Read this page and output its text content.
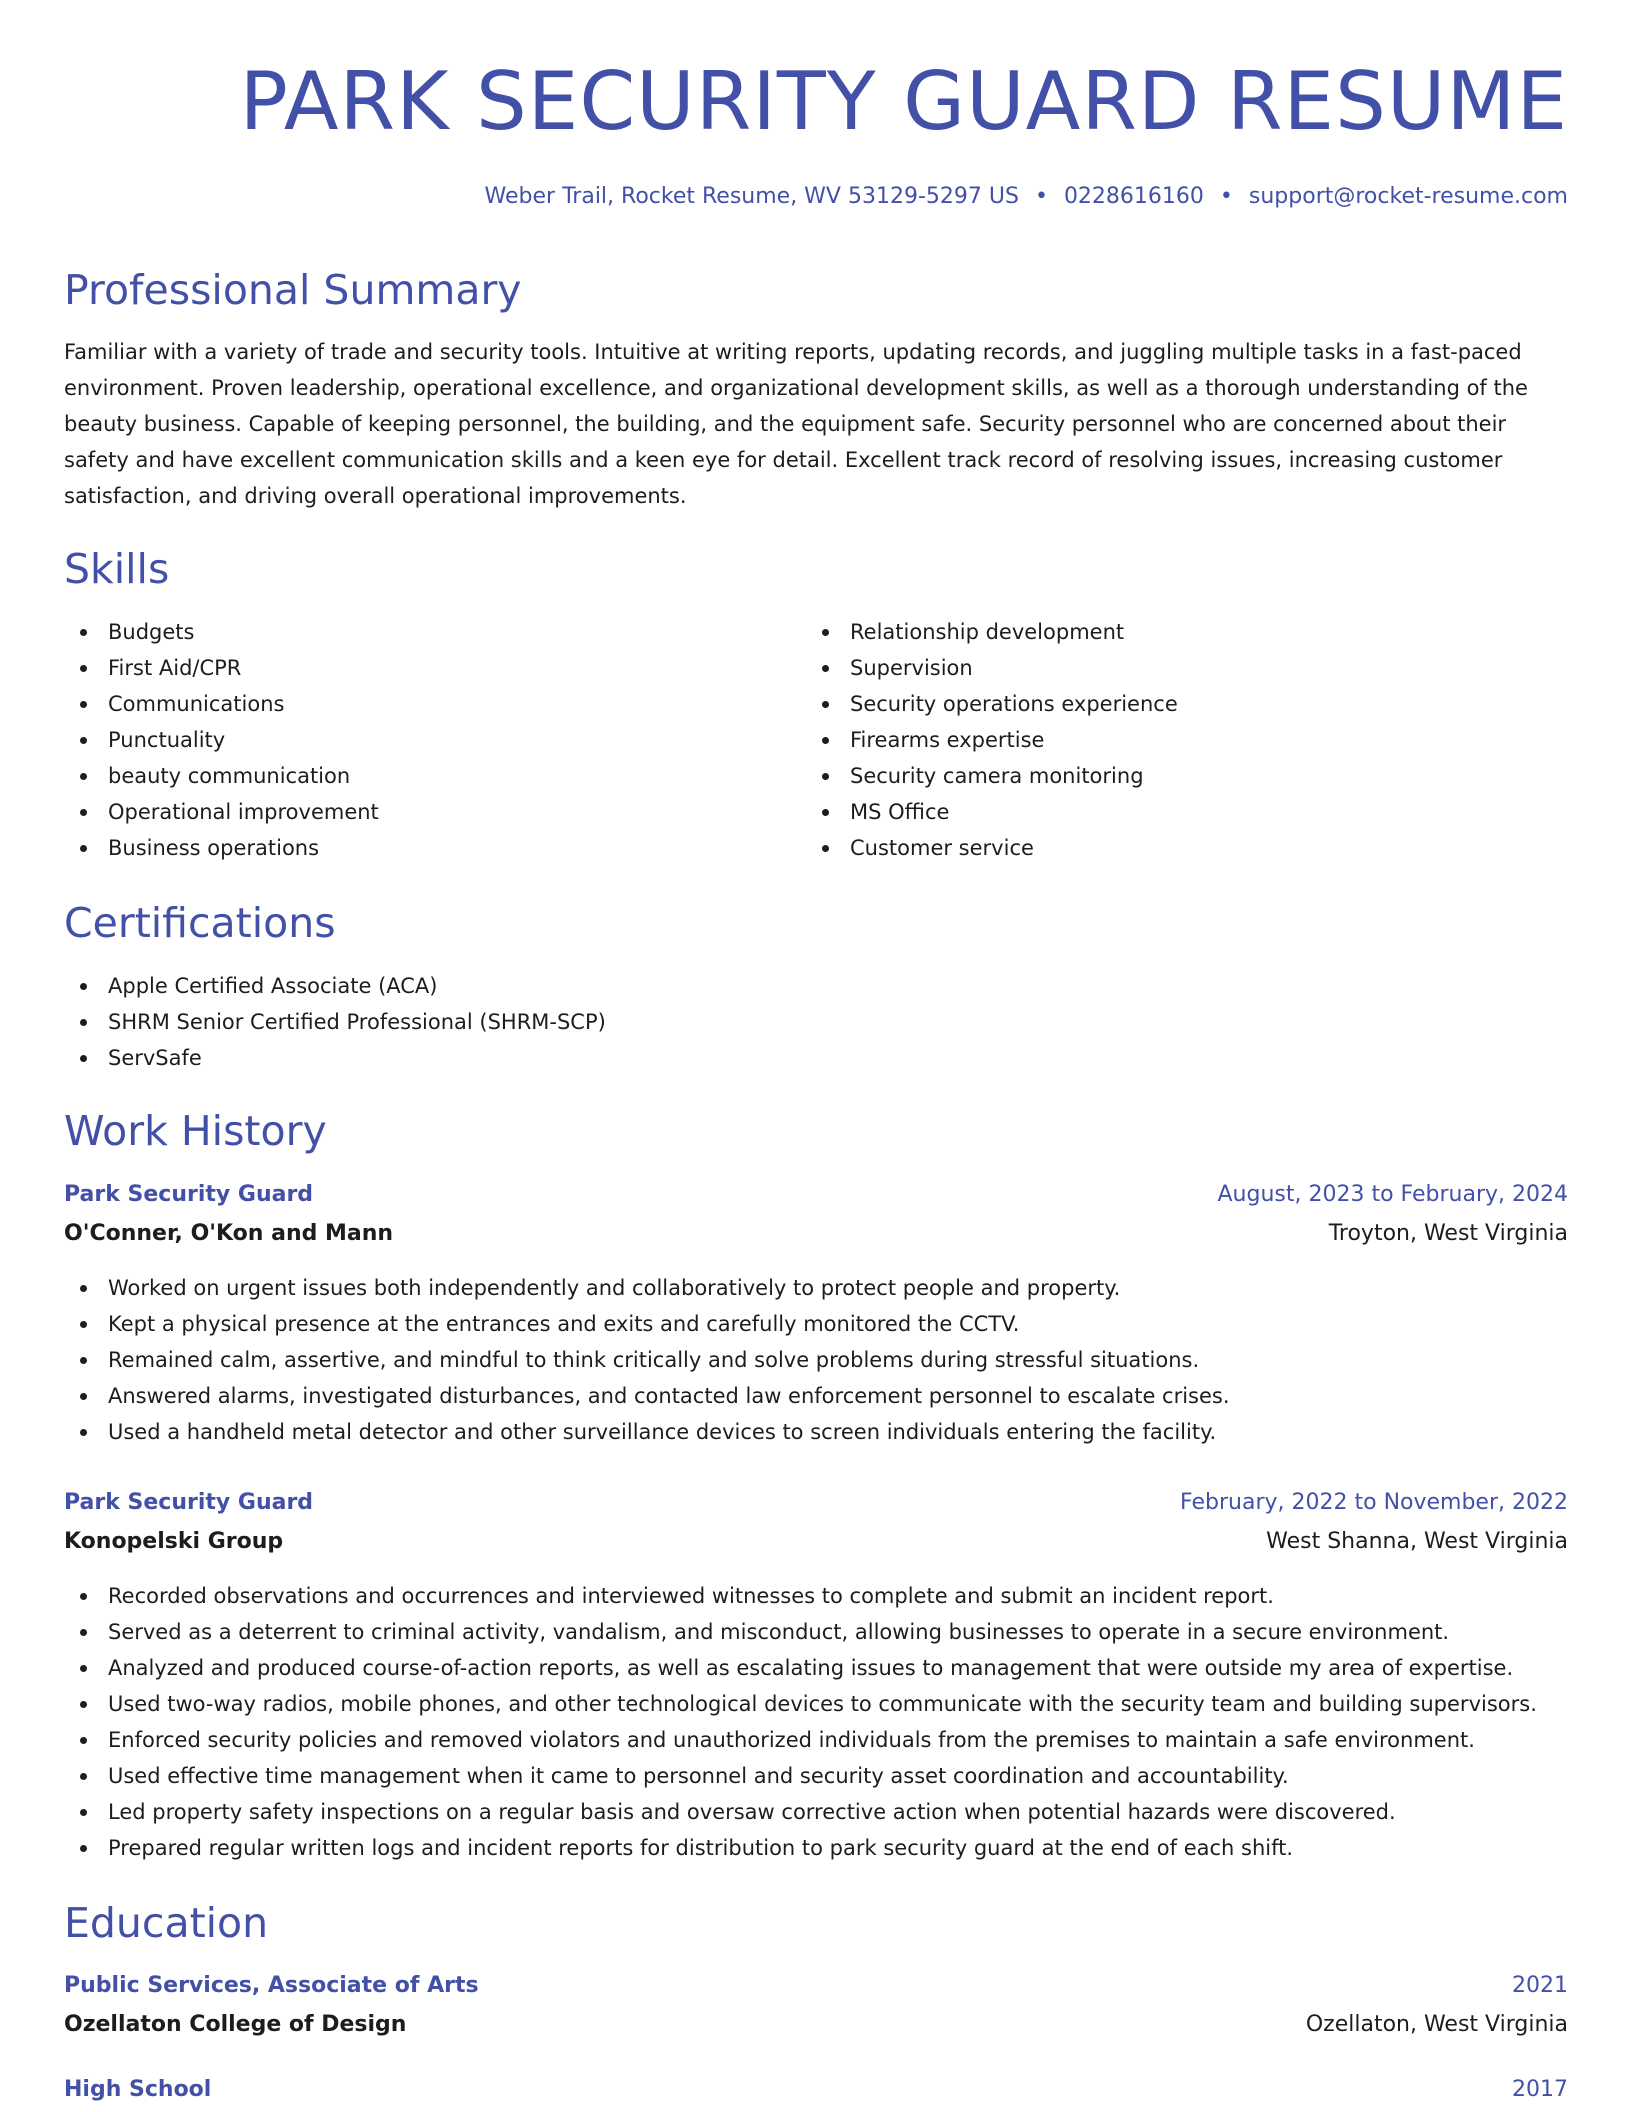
PARK SECURITY GUARD RESUME
Weber Trail, Rocket Resume, WV 53129-5297 US • 0228616160 • support@rocket-resume.com
Professional Summary

Familiar with a variety of trade and security tools. Intuitive at writing reports, updating records, and juggling multiple tasks in a fast-paced environment. Proven leadership, operational excellence, and organizational development skills, as well as a thorough understanding of the beauty business. Capable of keeping personnel, the building, and the equipment safe. Security personnel who are concerned about their safety and have excellent communication skills and a keen eye for detail. Excellent track record of resolving issues, increasing customer satisfaction, and driving overall operational improvements.

Skills
Budgets
First Aid/CPR
Communications
Punctuality
beauty communication
Operational improvement
Business operations
Relationship development
Supervision
Security operations experience
Firearms expertise
Security camera monitoring
MS Office
Customer service
Certifications
Apple Certified Associate (ACA)
SHRM Senior Certified Professional (SHRM-SCP)
ServSafe
Work History
Park Security Guard	August, 2023 to February, 2024
O'Conner, O'Kon and Mann	Troyton, West Virginia
Worked on urgent issues both independently and collaboratively to protect people and property.
Kept a physical presence at the entrances and exits and carefully monitored the CCTV.
Remained calm, assertive, and mindful to think critically and solve problems during stressful situations.
Answered alarms, investigated disturbances, and contacted law enforcement personnel to escalate crises.
Used a handheld metal detector and other surveillance devices to screen individuals entering the facility.
Park Security Guard	February, 2022 to November, 2022
Konopelski Group	West Shanna, West Virginia
Recorded observations and occurrences and interviewed witnesses to complete and submit an incident report.
Served as a deterrent to criminal activity, vandalism, and misconduct, allowing businesses to operate in a secure environment.
Analyzed and produced course-of-action reports, as well as escalating issues to management that were outside my area of expertise.
Used two-way radios, mobile phones, and other technological devices to communicate with the security team and building supervisors.
Enforced security policies and removed violators and unauthorized individuals from the premises to maintain a safe environment.
Used effective time management when it came to personnel and security asset coordination and accountability.
Led property safety inspections on a regular basis and oversaw corrective action when potential hazards were discovered.
Prepared regular written logs and incident reports for distribution to park security guard at the end of each shift.
Education
Public Services, Associate of Arts	2021
Ozellaton College of Design	Ozellaton, West Virginia
High School	2017
